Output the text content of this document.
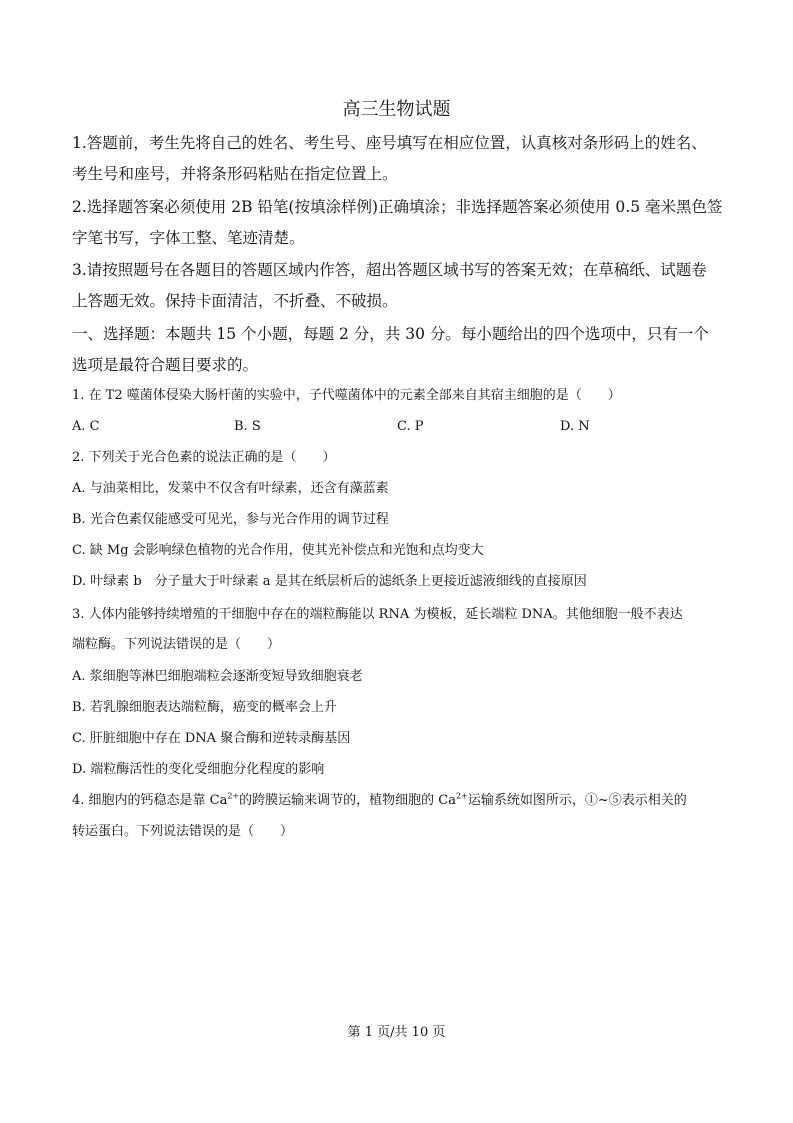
高三生物试题
1.答题前，考生先将自己的姓名、考生号、座号填写在相应位置，认真核对条形码上的姓名、
考生号和座号，并将条形码粘贴在指定位置上。
2.选择题答案必须使用 2B 铅笔(按填涂样例)正确填涂；非选择题答案必须使用 0.5 毫米黑色签
字笔书写，字体工整、笔迹清楚。
3.请按照题号在各题目的答题区域内作答，超出答题区域书写的答案无效；在草稿纸、试题卷
上答题无效。保持卡面清洁，不折叠、不破损。
一、选择题：本题共 15 个小题，每题 2 分，共 30 分。每小题给出的四个选项中，只有一个
选项是最符合题目要求的。
1. 在 T2 噬菌体侵染大肠杆菌的实验中，子代噬菌体中的元素全部来自其宿主细胞的是（　　）
A. C	B. S	C. P	D. N
2. 下列关于光合色素的说法正确的是（　　）
A. 与油菜相比，发菜中不仅含有叶绿素，还含有藻蓝素
B. 光合色素仅能感受可见光，参与光合作用的调节过程
C. 缺 Mg 会影响绿色植物的光合作用，使其光补偿点和光饱和点均变大
D. 叶绿素 b　分子量大于叶绿素 a 是其在纸层析后的滤纸条上更接近滤液细线的直接原因
3. 人体内能够持续增殖的干细胞中存在的端粒酶能以 RNA 为模板，延长端粒 DNA。其他细胞一般不表达
端粒酶。下列说法错误的是（　　）
A. 浆细胞等淋巴细胞端粒会逐渐变短导致细胞衰老
B. 若乳腺细胞表达端粒酶，癌变的概率会上升
C. 肝脏细胞中存在 DNA 聚合酶和逆转录酶基因
D. 端粒酶活性的变化受细胞分化程度的影响
4. 细胞内的钙稳态是靠 $Ca^{2+}$的跨膜运输来调节的，植物细胞的 $Ca^{2+}$运输系统如图所示，①~⑤表示相关的
转运蛋白。下列说法错误的是（　　）
第 1 页/共 10 页
